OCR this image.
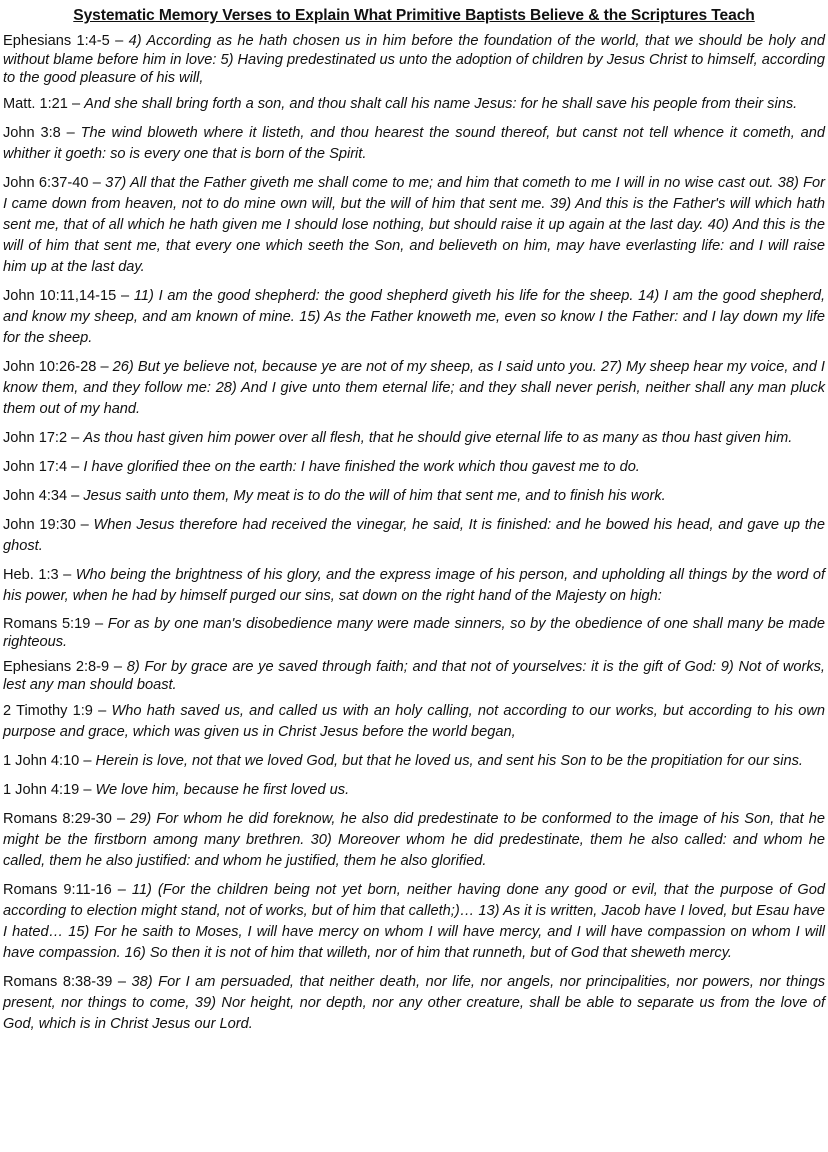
Systematic Memory Verses to Explain What Primitive Baptists Believe & the Scriptures Teach

Ephesians 1:4-5 – 4) According as he hath chosen us in him before the foundation of the world, that we should be holy and without blame before him in love: 5) Having predestinated us unto the adoption of children by Jesus Christ to himself, according to the good pleasure of his will,

Matt. 1:21 – And she shall bring forth a son, and thou shalt call his name Jesus: for he shall save his people from their sins.

John 3:8 – The wind bloweth where it listeth, and thou hearest the sound thereof, but canst not tell whence it cometh, and whither it goeth: so is every one that is born of the Spirit.

John 6:37-40 – 37) All that the Father giveth me shall come to me; and him that cometh to me I will in no wise cast out. 38) For I came down from heaven, not to do mine own will, but the will of him that sent me. 39) And this is the Father's will which hath sent me, that of all which he hath given me I should lose nothing, but should raise it up again at the last day. 40) And this is the will of him that sent me, that every one which seeth the Son, and believeth on him, may have everlasting life: and I will raise him up at the last day.

John 10:11,14-15 – 11) I am the good shepherd: the good shepherd giveth his life for the sheep. 14) I am the good shepherd, and know my sheep, and am known of mine. 15) As the Father knoweth me, even so know I the Father: and I lay down my life for the sheep.

John 10:26-28 – 26) But ye believe not, because ye are not of my sheep, as I said unto you. 27) My sheep hear my voice, and I know them, and they follow me: 28) And I give unto them eternal life; and they shall never perish, neither shall any man pluck them out of my hand.

John 17:2 – As thou hast given him power over all flesh, that he should give eternal life to as many as thou hast given him.

John 17:4 – I have glorified thee on the earth: I have finished the work which thou gavest me to do.

John 4:34 – Jesus saith unto them, My meat is to do the will of him that sent me, and to finish his work.

John 19:30 – When Jesus therefore had received the vinegar, he said, It is finished: and he bowed his head, and gave up the ghost.

Heb. 1:3 – Who being the brightness of his glory, and the express image of his person, and upholding all things by the word of his power, when he had by himself purged our sins, sat down on the right hand of the Majesty on high:

Romans 5:19 – For as by one man's disobedience many were made sinners, so by the obedience of one shall many be made righteous.

Ephesians 2:8-9 – 8) For by grace are ye saved through faith; and that not of yourselves: it is the gift of God: 9) Not of works, lest any man should boast.

2 Timothy 1:9 – Who hath saved us, and called us with an holy calling, not according to our works, but according to his own purpose and grace, which was given us in Christ Jesus before the world began,

1 John 4:10 – Herein is love, not that we loved God, but that he loved us, and sent his Son to be the propitiation for our sins.

1 John 4:19 – We love him, because he first loved us.

Romans 8:29-30 – 29) For whom he did foreknow, he also did predestinate to be conformed to the image of his Son, that he might be the firstborn among many brethren. 30) Moreover whom he did predestinate, them he also called: and whom he called, them he also justified: and whom he justified, them he also glorified.

Romans 9:11-16 – 11) (For the children being not yet born, neither having done any good or evil, that the purpose of God according to election might stand, not of works, but of him that calleth;)… 13) As it is written, Jacob have I loved, but Esau have I hated… 15) For he saith to Moses, I will have mercy on whom I will have mercy, and I will have compassion on whom I will have compassion. 16) So then it is not of him that willeth, nor of him that runneth, but of God that sheweth mercy.

Romans 8:38-39 – 38) For I am persuaded, that neither death, nor life, nor angels, nor principalities, nor powers, nor things present, nor things to come, 39) Nor height, nor depth, nor any other creature, shall be able to separate us from the love of God, which is in Christ Jesus our Lord.
